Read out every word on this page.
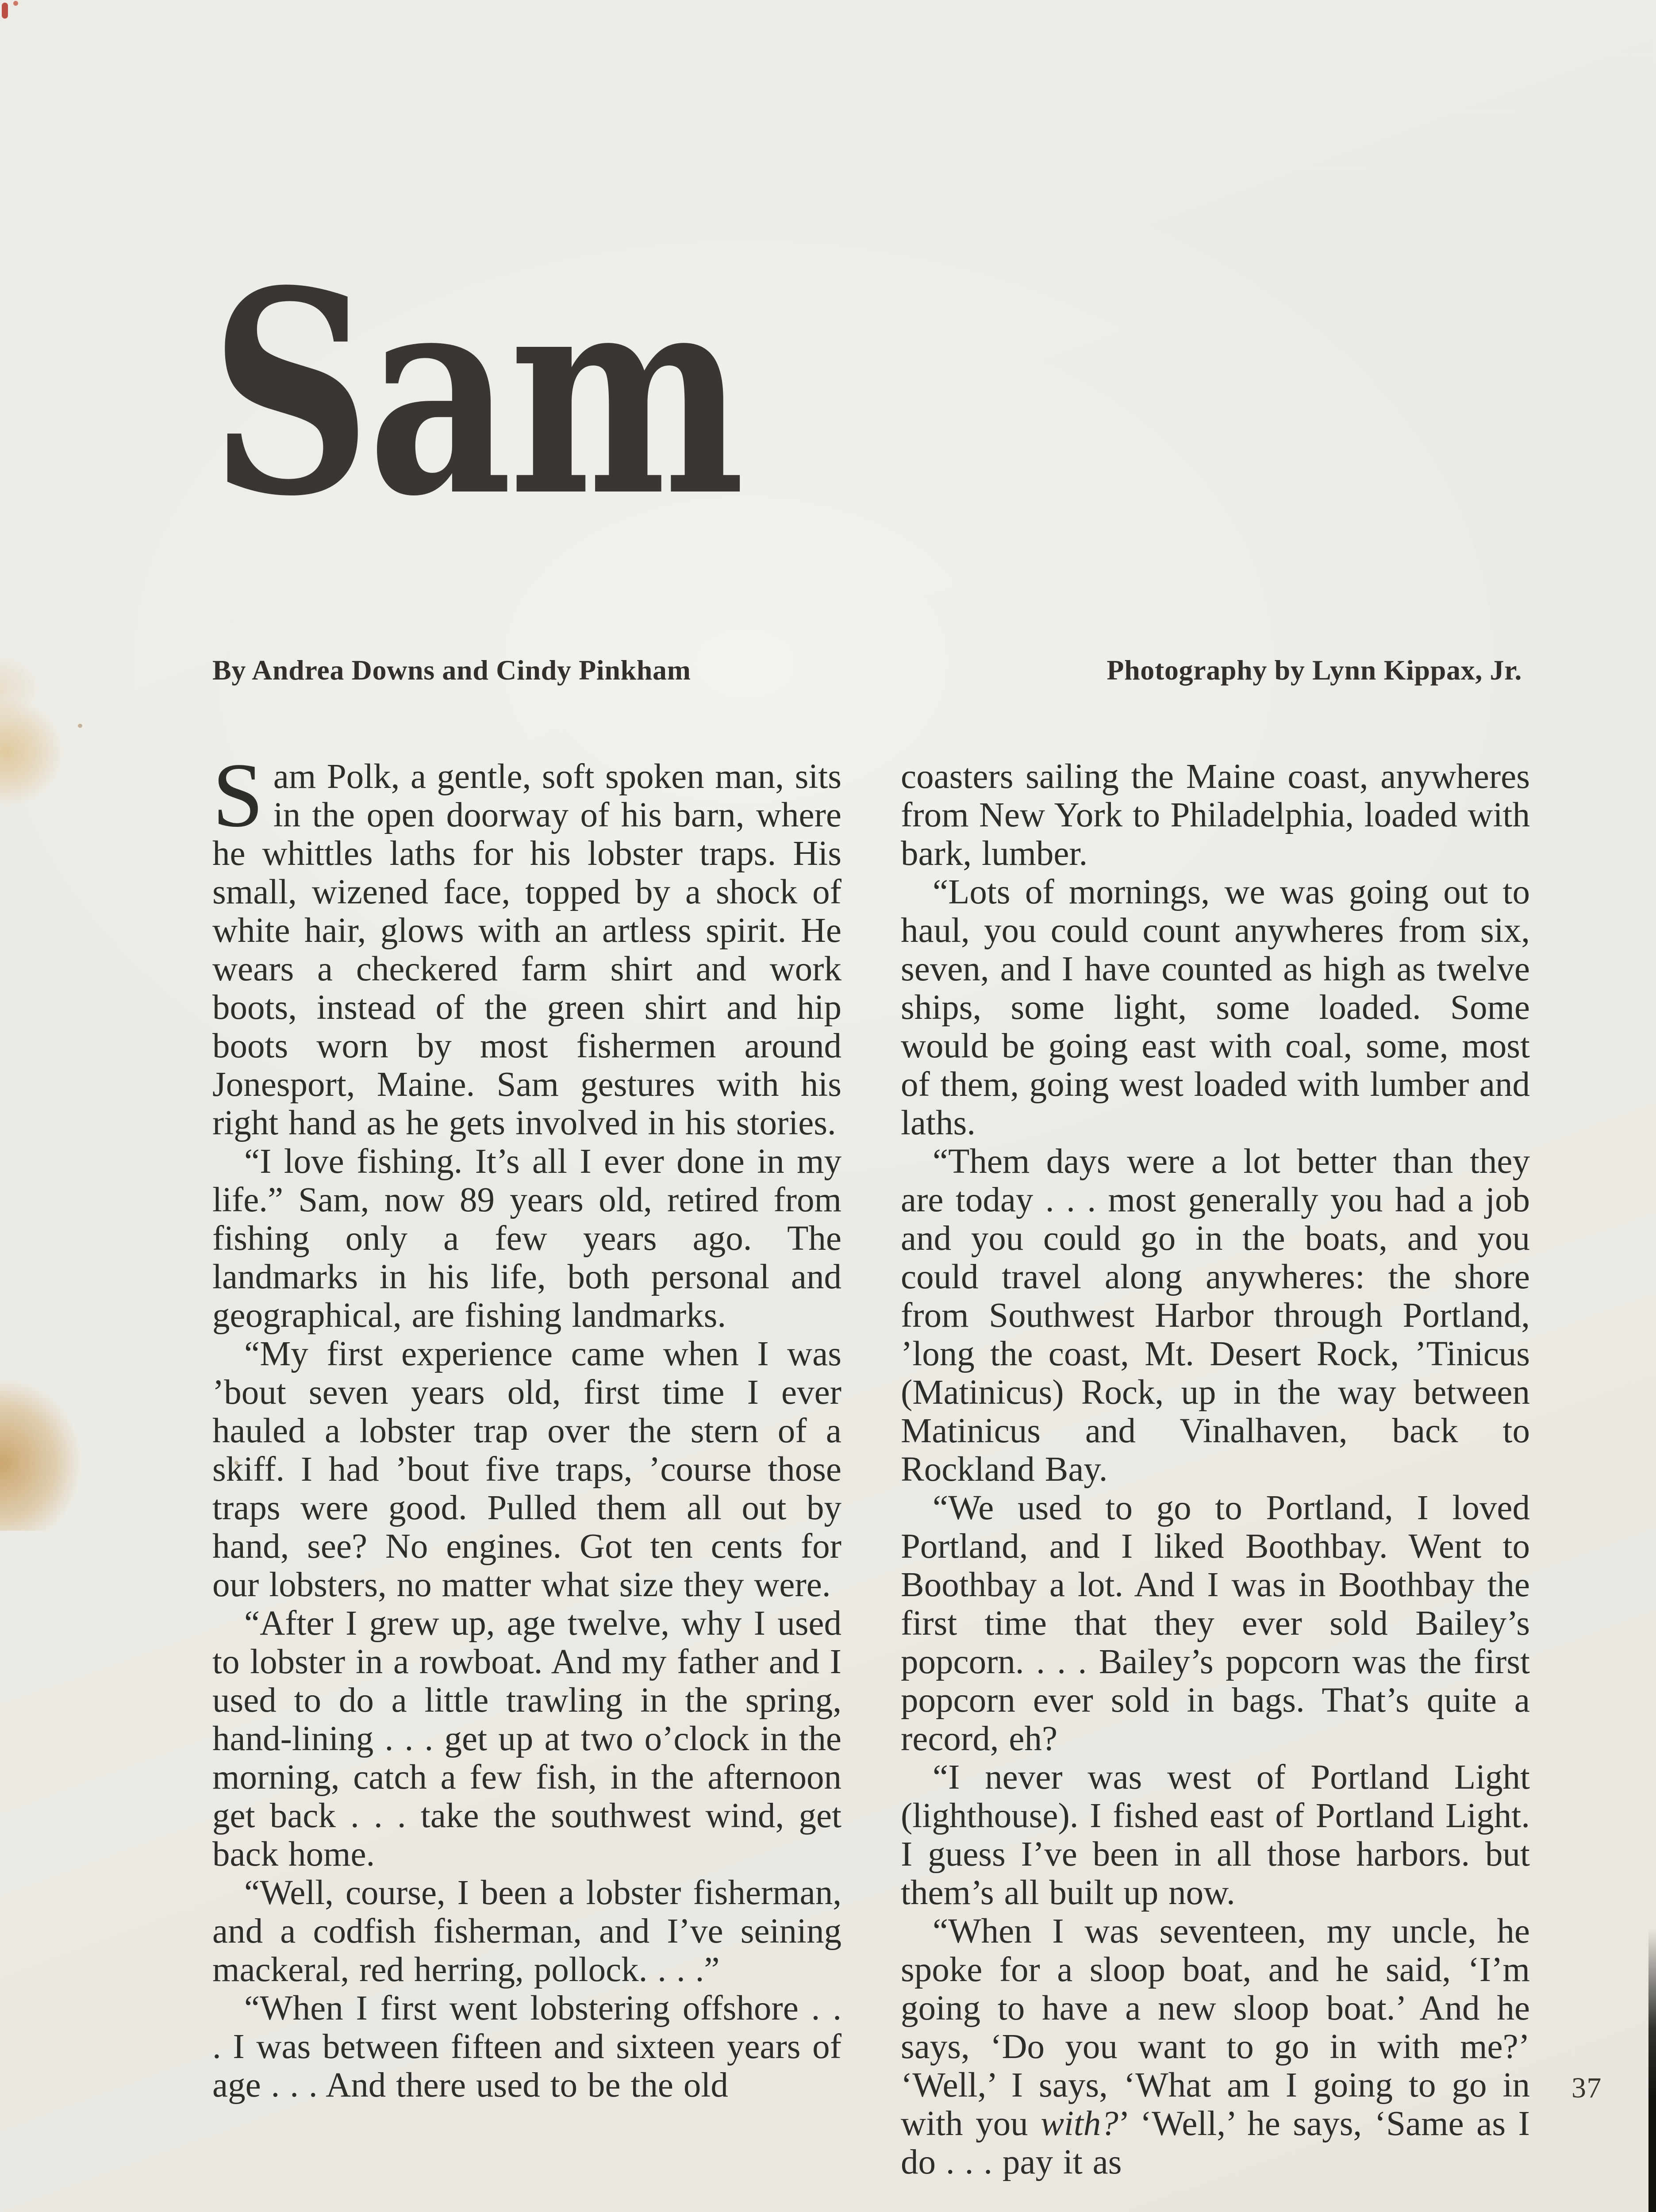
Sam
By Andrea Downs and Cindy Pinkham	Photography by Lynn Kippax, Jr.

Sam Polk, a gentle, soft spoken man, sits in the open doorway of his barn, where he whittles laths for his lobster traps. His small, wizened face, topped by a shock of white hair, glows with an artless spirit. He wears a checkered farm shirt and work boots, instead of the green shirt and hip boots worn by most fishermen around Jonesport, Maine. Sam gestures with his right hand as he gets involved in his stories.

“I love fishing. It’s all I ever done in my life.” Sam, now 89 years old, retired from fishing only a few years ago. The landmarks in his life, both personal and geographical, are fishing landmarks.

“My first experience came when I was ’bout seven years old, first time I ever hauled a lobster trap over the stern of a skiff. I had ’bout five traps, ’course those traps were good. Pulled them all out by hand, see? No engines. Got ten cents for our lobsters, no matter what size they were.

“After I grew up, age twelve, why I used to lobster in a rowboat. And my father and I used to do a little trawling in the spring, hand-lining . . . get up at two o’clock in the morning, catch a few fish, in the afternoon get back . . . take the southwest wind, get back home.

“Well, course, I been a lobster fisherman, and a codfish fisherman, and I’ve seining mackeral, red herring, pollock. . . .”

“When I first went lobstering offshore . . . I was between fifteen and sixteen years of age . . . And there used to be the old

coasters sailing the Maine coast, anywheres from New York to Philadelphia, loaded with bark, lumber.

“Lots of mornings, we was going out to haul, you could count anywheres from six, seven, and I have counted as high as twelve ships, some light, some loaded. Some would be going east with coal, some, most of them, going west loaded with lumber and laths.

“Them days were a lot better than they are today . . . most generally you had a job and you could go in the boats, and you could travel along anywheres: the shore from Southwest Harbor through Portland, ’long the coast, Mt. Desert Rock, ’Tinicus (Matinicus) Rock, up in the way between Matinicus and Vinalhaven, back to Rockland Bay.

“We used to go to Portland, I loved Portland, and I liked Boothbay. Went to Boothbay a lot. And I was in Boothbay the first time that they ever sold Bailey’s popcorn. . . . Bailey’s popcorn was the first popcorn ever sold in bags. That’s quite a record, eh?

“I never was west of Portland Light (lighthouse). I fished east of Portland Light. I guess I’ve been in all those harbors. but them’s all built up now.

“When I was seventeen, my uncle, he spoke for a sloop boat, and he said, ‘I’m going to have a new sloop boat.’ And he says, ‘Do you want to go in with me?’ ‘Well,’ I says, ‘What am I going to go in with you with?’ ‘Well,’ he says, ‘Same as I do . . . pay it as

37
